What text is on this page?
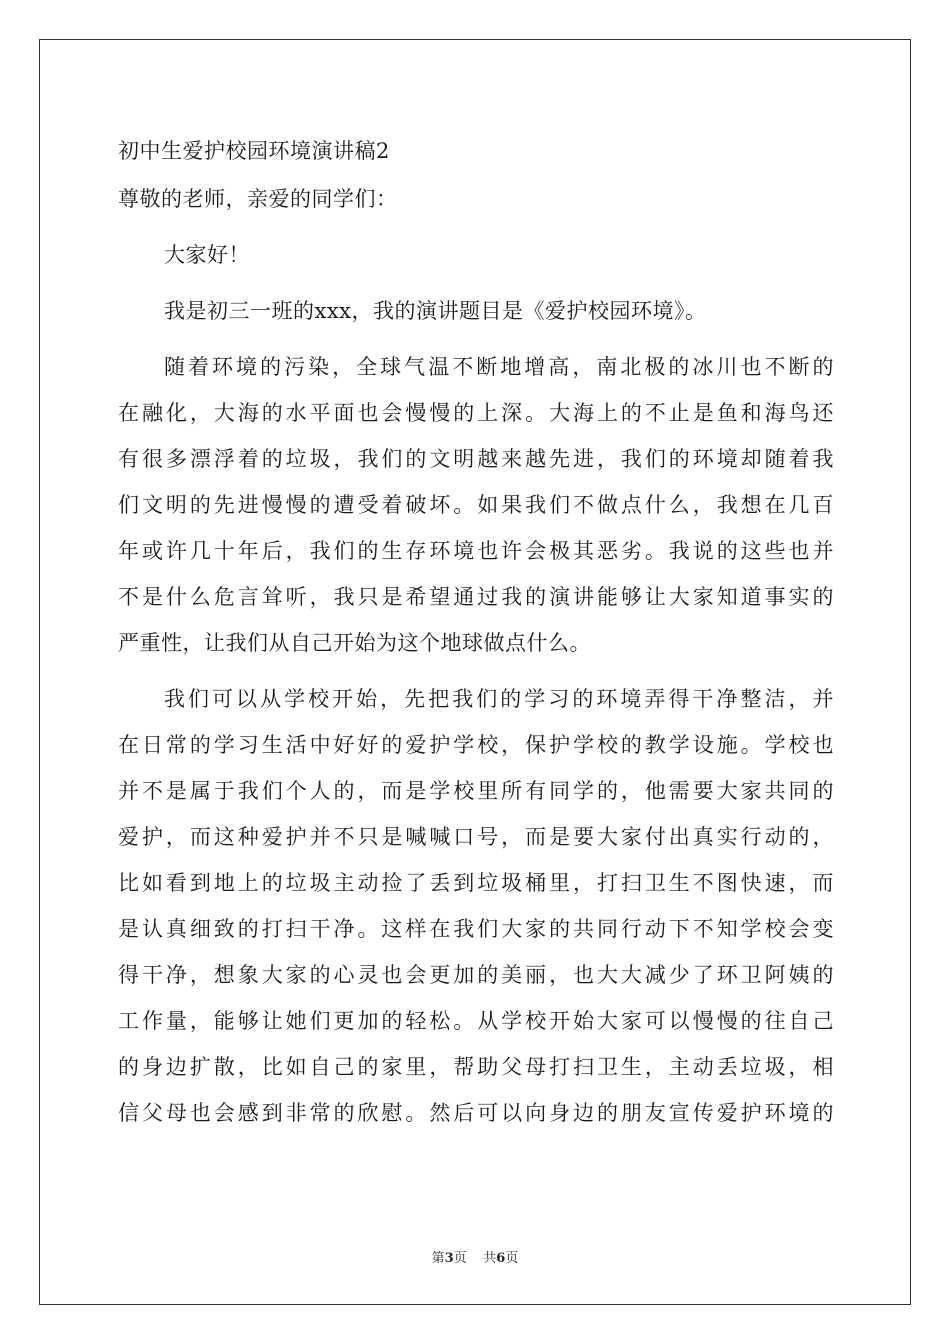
初中生爱护校园环境演讲稿2
尊敬的老师，亲爱的同学们：
大家好！
我是初三一班的xxx，我的演讲题目是《爱护校园环境》。
随着环境的污染，全球气温不断地增高，南北极的冰川也不断的
在融化，大海的水平面也会慢慢的上深。大海上的不止是鱼和海鸟还
有很多漂浮着的垃圾，我们的文明越来越先进，我们的环境却随着我
们文明的先进慢慢的遭受着破坏。如果我们不做点什么，我想在几百
年或许几十年后，我们的生存环境也许会极其恶劣。我说的这些也并
不是什么危言耸听，我只是希望通过我的演讲能够让大家知道事实的
严重性，让我们从自己开始为这个地球做点什么。
我们可以从学校开始，先把我们的学习的环境弄得干净整洁，并
在日常的学习生活中好好的爱护学校，保护学校的教学设施。学校也
并不是属于我们个人的，而是学校里所有同学的，他需要大家共同的
爱护，而这种爱护并不只是喊喊口号，而是要大家付出真实行动的，
比如看到地上的垃圾主动捡了丢到垃圾桶里，打扫卫生不图快速，而
是认真细致的打扫干净。这样在我们大家的共同行动下不知学校会变
得干净，想象大家的心灵也会更加的美丽，也大大减少了环卫阿姨的
工作量，能够让她们更加的轻松。从学校开始大家可以慢慢的往自己
的身边扩散，比如自己的家里，帮助父母打扫卫生，主动丢垃圾，相
信父母也会感到非常的欣慰。然后可以向身边的朋友宣传爱护环境的
第3页 共6页
